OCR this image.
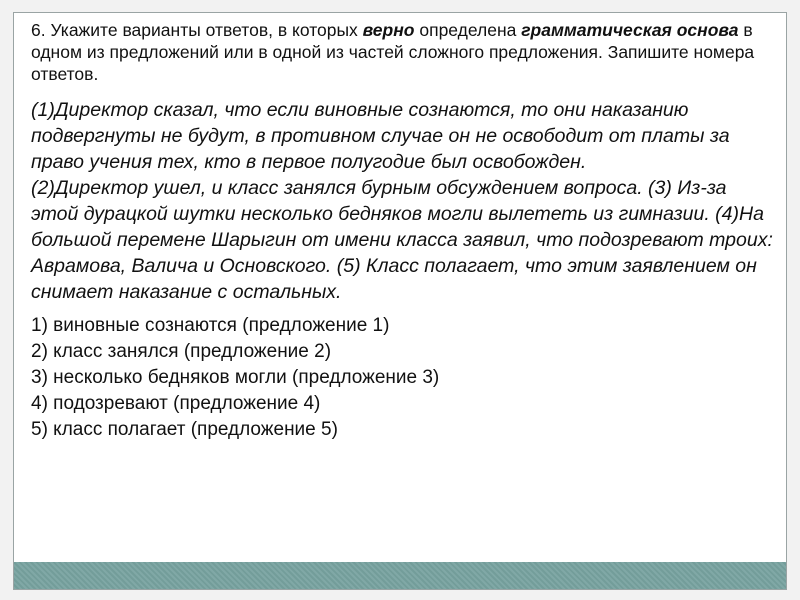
6. Укажите варианты ответов, в которых верно определена грамматическая основа в одном из предложений или в одной из частей сложного предложения. Запишите номера ответов.

(1)Директор сказал, что если виновные сознаются, то они наказанию подвергнуты не будут, в противном случае он не освободит от платы за право учения тех, кто в первое полугодие был освобожден.
(2)Директор ушел, и класс занялся бурным обсуждением вопроса. (3) Из-за этой дурацкой шутки несколько бедняков могли вылететь из гимназии. (4)На большой перемене Шарыгин от имени класса заявил, что подозревают троих: Аврамова, Валича и Основского. (5) Класс полагает, что этим заявлением он снимает наказание с остальных.
1) виновные сознаются (предложение 1)
2) класс занялся (предложение 2)
3) несколько бедняков могли (предложение 3)
4) подозревают (предложение 4)
5) класс полагает (предложение 5)
